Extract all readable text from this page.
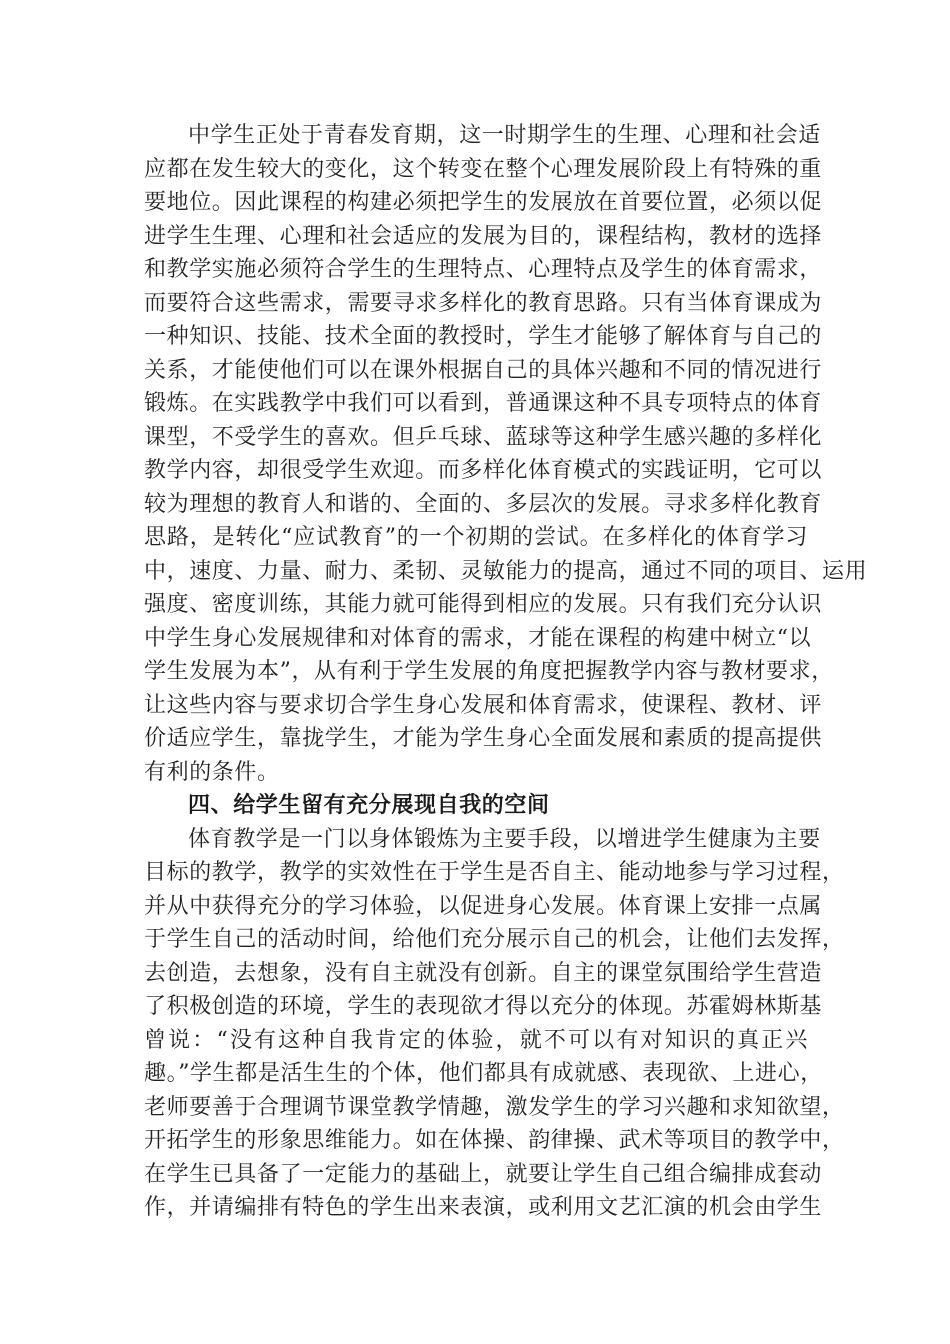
中学生正处于青春发育期，这一时期学生的生理、心理和社会适
应都在发生较大的变化，这个转变在整个心理发展阶段上有特殊的重
要地位。因此课程的构建必须把学生的发展放在首要位置，必须以促
进学生生理、心理和社会适应的发展为目的，课程结构，教材的选择
和教学实施必须符合学生的生理特点、心理特点及学生的体育需求，
而要符合这些需求，需要寻求多样化的教育思路。只有当体育课成为
一种知识、技能、技术全面的教授时，学生才能够了解体育与自己的
关系，才能使他们可以在课外根据自己的具体兴趣和不同的情况进行
锻炼。在实践教学中我们可以看到，普通课这种不具专项特点的体育
课型，不受学生的喜欢。但乒乓球、蓝球等这种学生感兴趣的多样化
教学内容，却很受学生欢迎。而多样化体育模式的实践证明，它可以
较为理想的教育人和谐的、全面的、多层次的发展。寻求多样化教育
思路，是转化“应试教育”的一个初期的尝试。在多样化的体育学习
中，速度、力量、耐力、柔韧、灵敏能力的提高，通过不同的项目、运用
强度、密度训练，其能力就可能得到相应的发展。只有我们充分认识
中学生身心发展规律和对体育的需求，才能在课程的构建中树立“以
学生发展为本”，从有利于学生发展的角度把握教学内容与教材要求，
让这些内容与要求切合学生身心发展和体育需求，使课程、教材、评
价适应学生，靠拢学生，才能为学生身心全面发展和素质的提高提供
有利的条件。
四、给学生留有充分展现自我的空间
体育教学是一门以身体锻炼为主要手段，以增进学生健康为主要
目标的教学，教学的实效性在于学生是否自主、能动地参与学习过程，
并从中获得充分的学习体验，以促进身心发展。体育课上安排一点属
于学生自己的活动时间，给他们充分展示自己的机会，让他们去发挥，
去创造，去想象，没有自主就没有创新。自主的课堂氛围给学生营造
了积极创造的环境，学生的表现欲才得以充分的体现。苏霍姆林斯基
曾说：“没有这种自我肯定的体验，就不可以有对知识的真正兴
趣。”学生都是活生生的个体，他们都具有成就感、表现欲、上进心，
老师要善于合理调节课堂教学情趣，激发学生的学习兴趣和求知欲望，
开拓学生的形象思维能力。如在体操、韵律操、武术等项目的教学中，
在学生已具备了一定能力的基础上，就要让学生自己组合编排成套动
作，并请编排有特色的学生出来表演，或利用文艺汇演的机会由学生
